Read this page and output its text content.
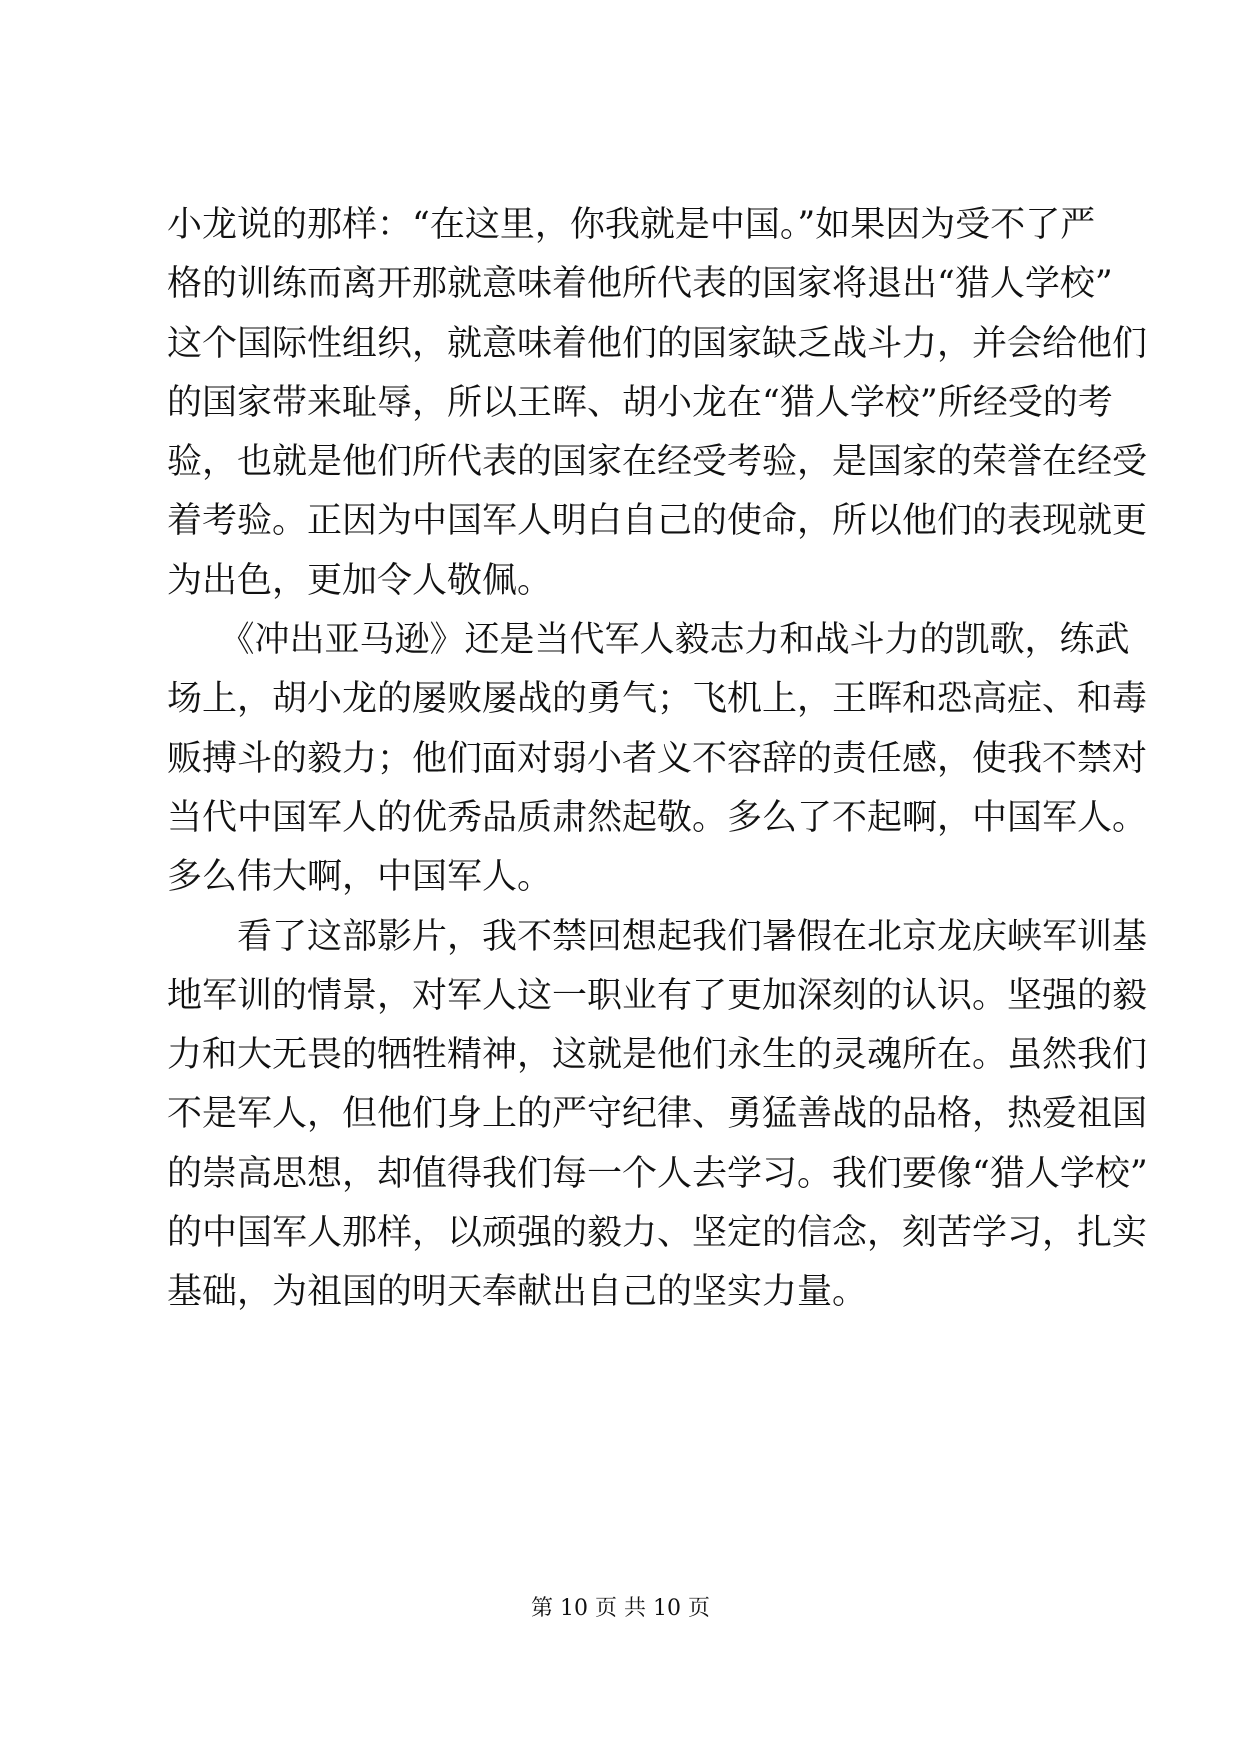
小龙说的那样：“在这里，你我就是中国。”如果因为受不了严
格的训练而离开那就意味着他所代表的国家将退出“猎人学校”
这个国际性组织，就意味着他们的国家缺乏战斗力，并会给他们
的国家带来耻辱，所以王晖、胡小龙在“猎人学校”所经受的考
验，也就是他们所代表的国家在经受考验，是国家的荣誉在经受
着考验。正因为中国军人明白自己的使命，所以他们的表现就更
为出色，更加令人敬佩。
　　《冲出亚马逊》还是当代军人毅志力和战斗力的凯歌，练武
场上，胡小龙的屡败屡战的勇气；飞机上，王晖和恐高症、和毒
贩搏斗的毅力；他们面对弱小者义不容辞的责任感，使我不禁对
当代中国军人的优秀品质肃然起敬。多么了不起啊，中国军人。
多么伟大啊，中国军人。
　　看了这部影片，我不禁回想起我们暑假在北京龙庆峡军训基
地军训的情景，对军人这一职业有了更加深刻的认识。坚强的毅
力和大无畏的牺牲精神，这就是他们永生的灵魂所在。虽然我们
不是军人，但他们身上的严守纪律、勇猛善战的品格，热爱祖国
的崇高思想，却值得我们每一个人去学习。我们要像“猎人学校”
的中国军人那样，以顽强的毅力、坚定的信念，刻苦学习，扎实
基础，为祖国的明天奉献出自己的坚实力量。
第 10 页 共 10 页
